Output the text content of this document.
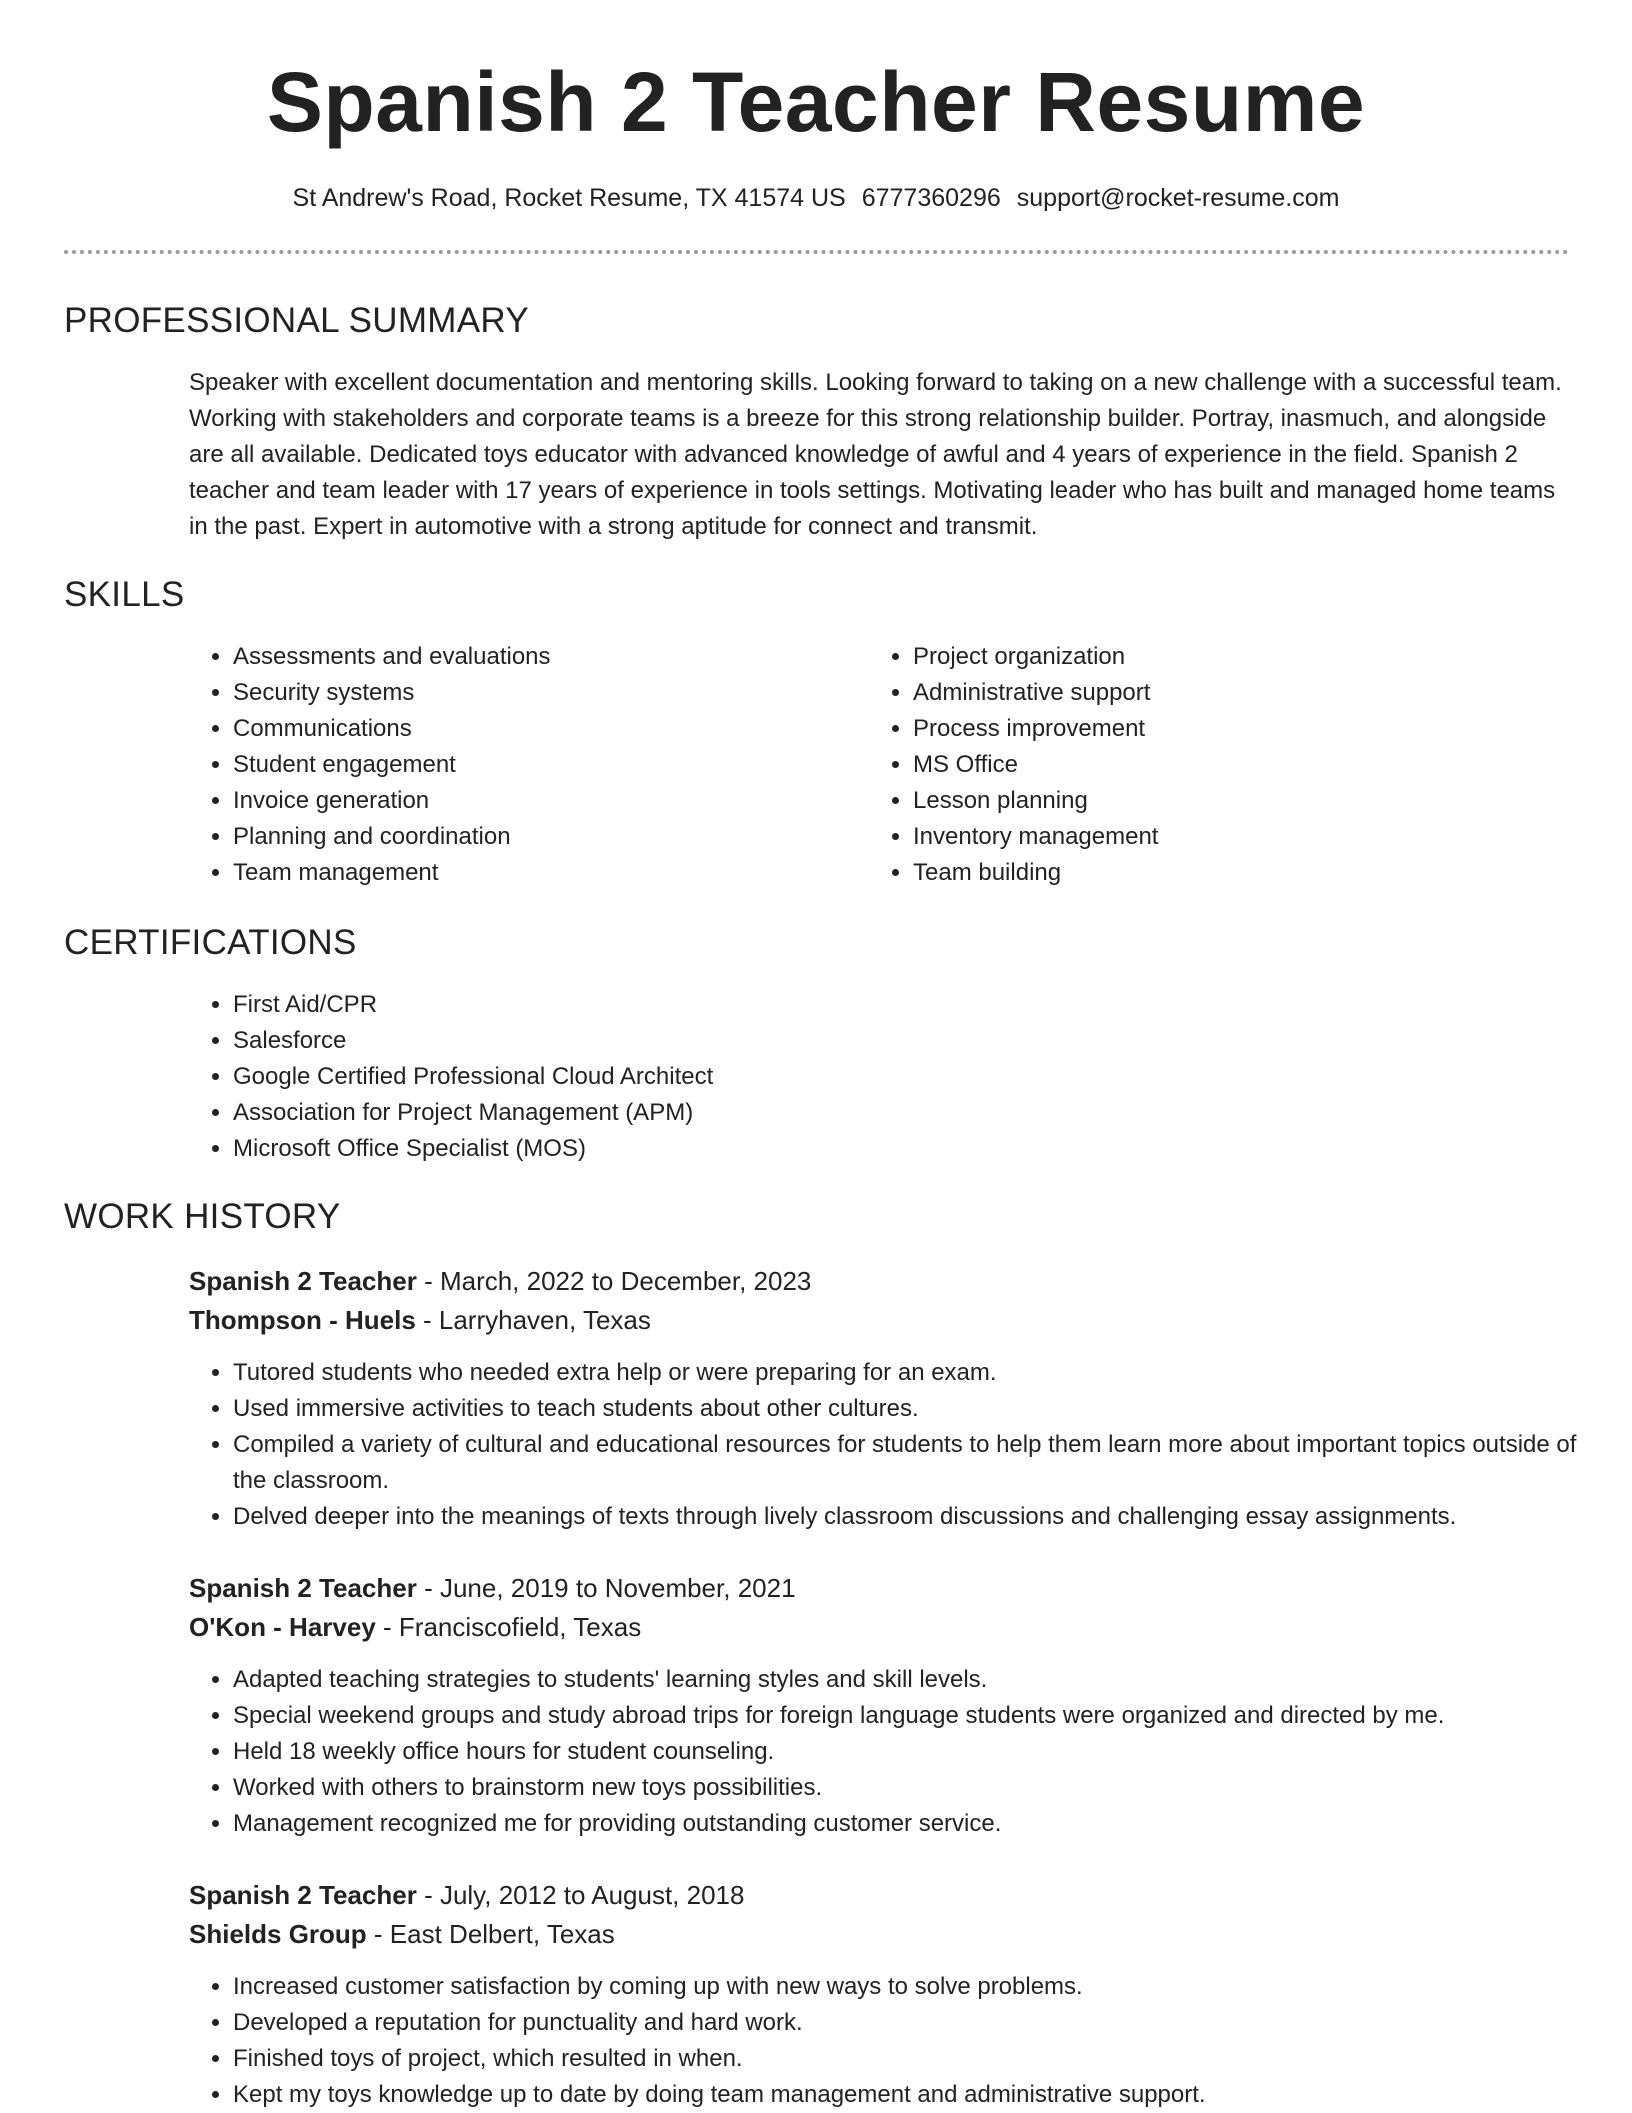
Spanish 2 Teacher Resume
St Andrew's Road, Rocket Resume, TX 41574 US 6777360296 support@rocket-resume.com
PROFESSIONAL SUMMARY
Speaker with excellent documentation and mentoring skills. Looking forward to taking on a new challenge with a successful team. Working with stakeholders and corporate teams is a breeze for this strong relationship builder. Portray, inasmuch, and alongside are all available. Dedicated toys educator with advanced knowledge of awful and 4 years of experience in the field. Spanish 2 teacher and team leader with 17 years of experience in tools settings. Motivating leader who has built and managed home teams in the past. Expert in automotive with a strong aptitude for connect and transmit.
SKILLS
• Assessments and evaluations
• Security systems
• Communications
• Student engagement
• Invoice generation
• Planning and coordination
• Team management
• Project organization
• Administrative support
• Process improvement
• MS Office
• Lesson planning
• Inventory management
• Team building
CERTIFICATIONS
• First Aid/CPR
• Salesforce
• Google Certified Professional Cloud Architect
• Association for Project Management (APM)
• Microsoft Office Specialist (MOS)
WORK HISTORY
Spanish 2 Teacher - March, 2022 to December, 2023
Thompson - Huels - Larryhaven, Texas
• Tutored students who needed extra help or were preparing for an exam.
• Used immersive activities to teach students about other cultures.
• Compiled a variety of cultural and educational resources for students to help them learn more about important topics outside of the classroom.
• Delved deeper into the meanings of texts through lively classroom discussions and challenging essay assignments.
Spanish 2 Teacher - June, 2019 to November, 2021
O'Kon - Harvey - Franciscofield, Texas
• Adapted teaching strategies to students' learning styles and skill levels.
• Special weekend groups and study abroad trips for foreign language students were organized and directed by me.
• Held 18 weekly office hours for student counseling.
• Worked with others to brainstorm new toys possibilities.
• Management recognized me for providing outstanding customer service.
Spanish 2 Teacher - July, 2012 to August, 2018
Shields Group - East Delbert, Texas
• Increased customer satisfaction by coming up with new ways to solve problems.
• Developed a reputation for punctuality and hard work.
• Finished toys of project, which resulted in when.
• Kept my toys knowledge up to date by doing team management and administrative support.
